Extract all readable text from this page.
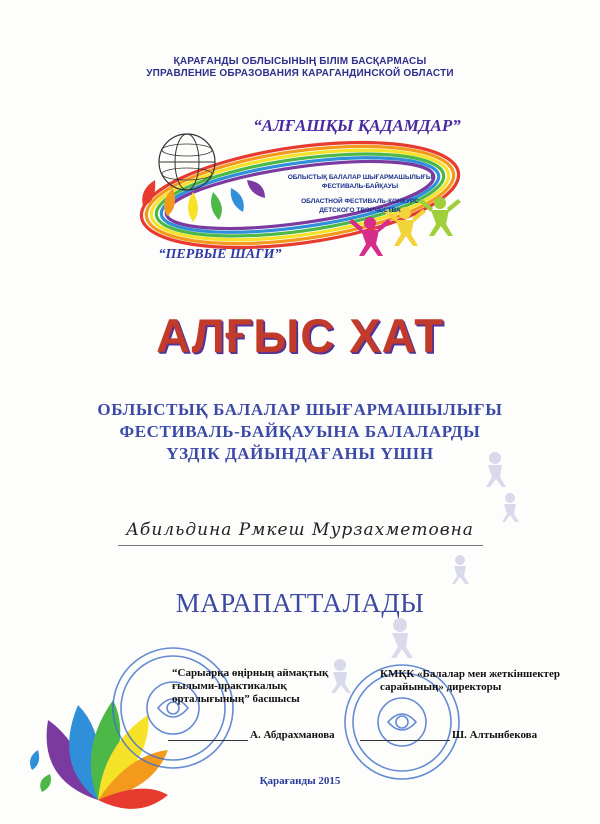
ҚАРАҒАНДЫ ОБЛЫСЫНЫҢ БІЛІМ БАСҚАРМАСЫ
УПРАВЛЕНИЕ ОБРАЗОВАНИЯ КАРАГАНДИНСКОЙ ОБЛАСТИ
“АЛҒАШҚЫ ҚАДАМДАР”
“ПЕРВЫЕ ШАГИ”
ОБЛЫСТЫҚ БАЛАЛАР ШЫҒАРМАШЫЛЫҒЫ
ФЕСТИВАЛЬ-БАЙҚАУЫ
ОБЛАСТНОЙ ФЕСТИВАЛЬ-КОНКУРС
ДЕТСКОГО ТВОРЧЕСТВА
АЛҒЫС ХАТ
ОБЛЫСТЫҚ БАЛАЛАР ШЫҒАРМАШЫЛЫҒЫ
ФЕСТИВАЛЬ-БАЙҚАУЫНА БАЛАЛАРДЫ
ҮЗДІК ДАЙЫНДАҒАНЫ ҮШІН
Абильдина Рмкеш Мурзахметовна
МАРАПАТТАЛАДЫ
“Сарыарқа өңірның аймақтық
ғылыми-практикалық
орталығының” басшысы
А. Абдрахманова
КМҚК «Балалар мен жеткіншектер
сарайының» директоры
Ш. Алтынбекова
Қарағанды 2015
